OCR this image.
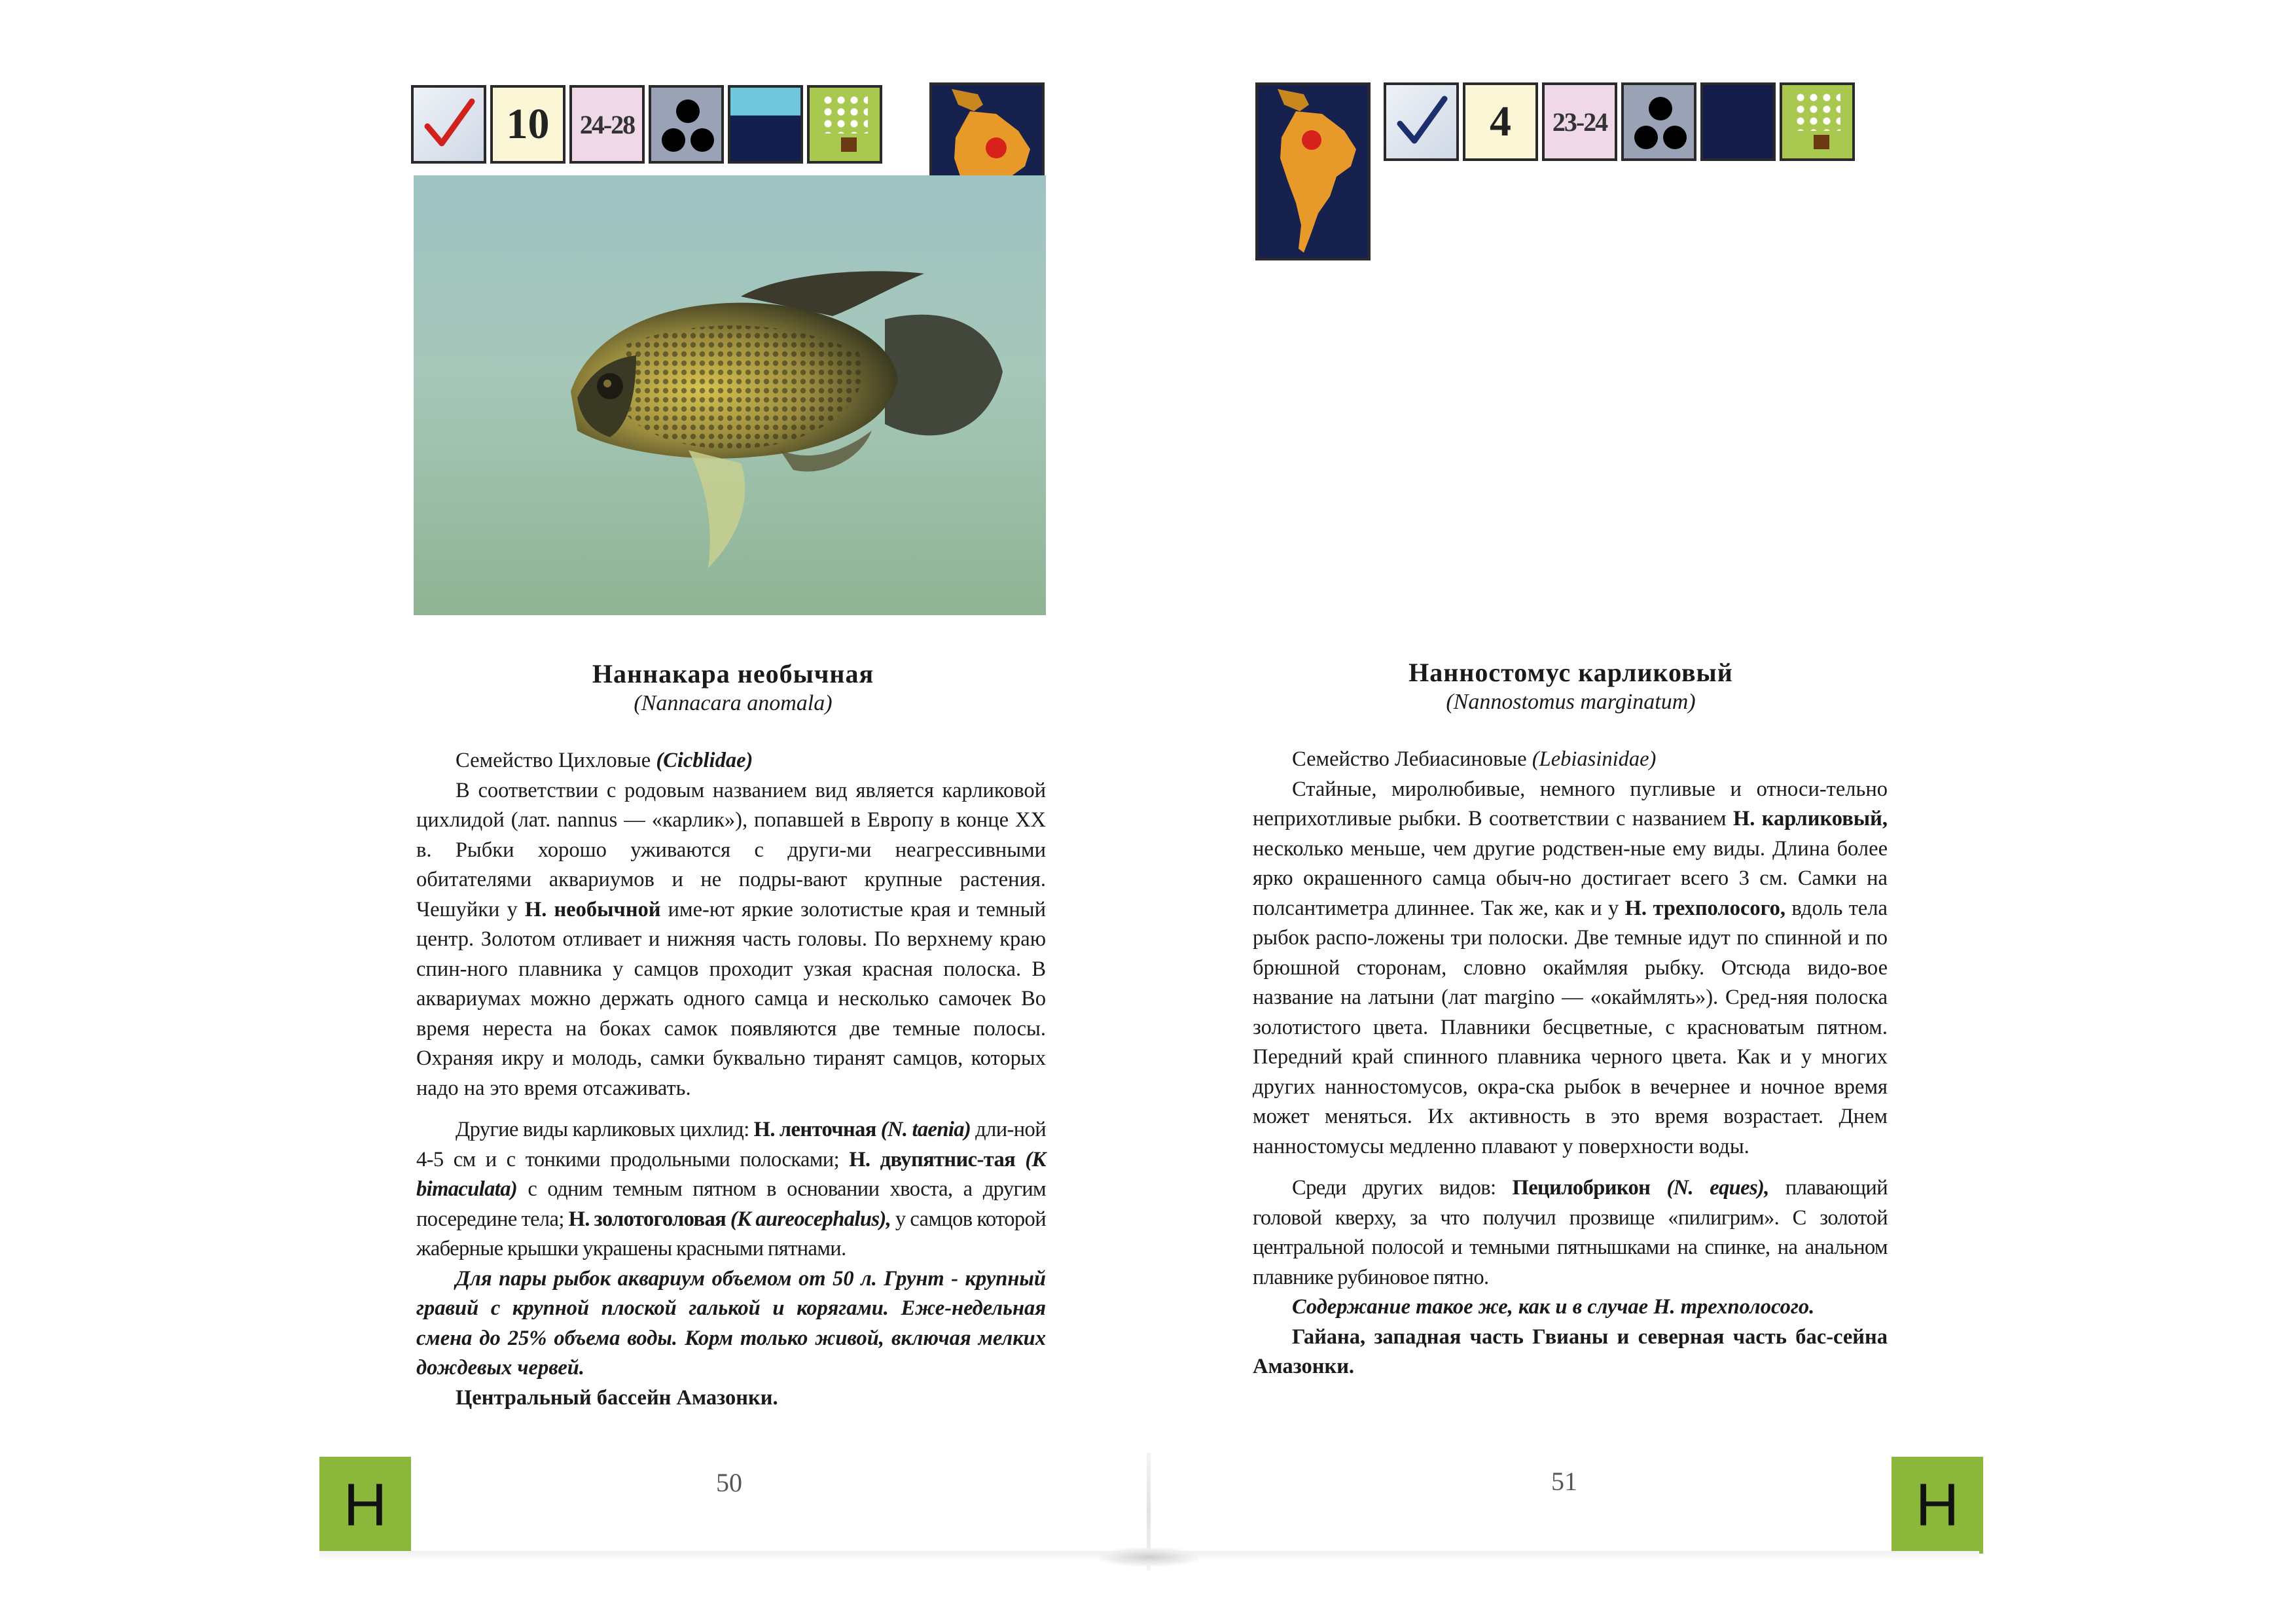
10 24-28
Наннакара необычная
(Nannacara anomala)

Семейство Цихловые (Cicblidae)

В соответствии с родовым названием вид является карликовой цихлидой (лат. nannus — «карлик»), попавшей в Европу в конце XX в. Рыбки хорошо уживаются с други-ми неагрессивными обитателями аквариумов и не подры-вают крупные растения. Чешуйки у Н. необычной име-ют яркие золотистые края и темный центр. Золотом отливает и нижняя часть головы. По верхнему краю спин-ного плавника у самцов проходит узкая красная полоска. В аквариумах можно держать одного самца и несколько самочек Во время нереста на боках самок появляются две темные полосы. Охраняя икру и молодь, самки буквально тиранят самцов, которых надо на это время отсаживать.

Другие виды карликовых цихлид: Н. ленточная (N. taenia) дли-ной 4-5 см и с тонкими продольными полосками; Н. двупятнис-тая (К bimaculata) с одним темным пятном в основании хвоста, а другим посередине тела; Н. золотоголовая (К aureocephalus), у самцов которой жаберные крышки украшены красными пятнами.

Для пары рыбок аквариум объемом от 50 л. Грунт - крупный гравий с крупной плоской галькой и корягами. Еже-недельная смена до 25% объема воды. Корм только живой, включая мелких дождевых червей.

Центральный бассейн Амазонки.

Н	50
4 23-24
Нанностомус карликовый
(Nannostomus marginatum)

Семейство Лебиасиновые (Lebiasinidae)

Стайные, миролюбивые, немного пугливые и относи-тельно неприхотливые рыбки. В соответствии с названием Н. карликовый, несколько меньше, чем другие родствен-ные ему виды. Длина более ярко окрашенного самца обыч-но достигает всего 3 см. Самки на полсантиметра длиннее. Так же, как и у Н. трехполосого, вдоль тела рыбок распо-ложены три полоски. Две темные идут по спинной и по брюшной сторонам, словно окаймляя рыбку. Отсюда видо-вое название на латыни (лат margino — «окаймлять»). Сред-няя полоска золотистого цвета. Плавники бесцветные, с красноватым пятном. Передний край спинного плавника черного цвета. Как и у многих других нанностомусов, окра-ска рыбок в вечернее и ночное время может меняться. Их активность в это время возрастает. Днем нанностомусы медленно плавают у поверхности воды.

Среди других видов: Пецилобрикон (N. eques), плавающий головой кверху, за что получил прозвище «пилигрим». С золотой центральной полосой и темными пятнышками на спинке, на анальном плавнике рубиновое пятно.

Содержание такое же, как и в случае Н. трехполосого.

Гайана, западная часть Гвианы и северная часть бас-сейна Амазонки.

51	Н
